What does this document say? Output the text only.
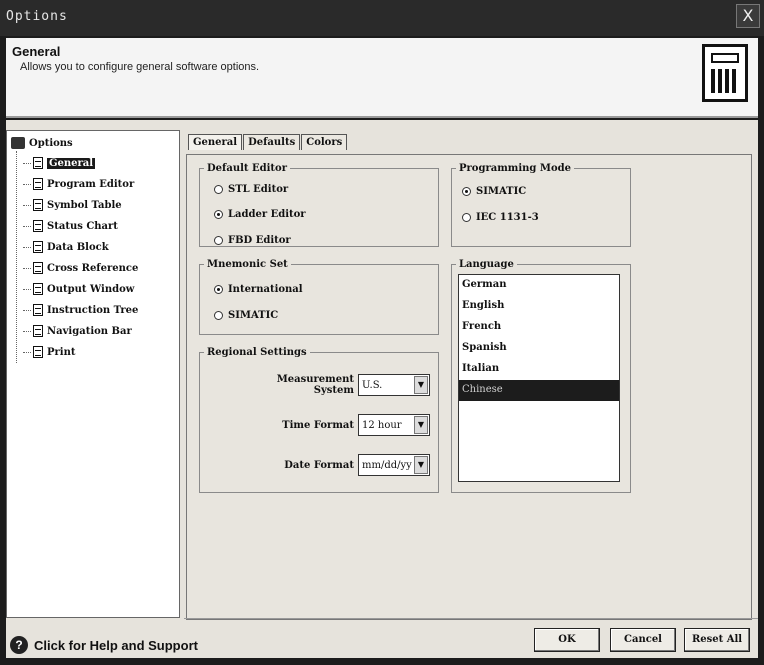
Options	X
General
Allows you to configure general software options.
Options
General
Program Editor
Symbol Table
Status Chart
Data Block
Cross Reference
Output Window
Instruction Tree
Navigation Bar
Print
General	Defaults	Colors
Default Editor
STL Editor
Ladder Editor
FBD Editor
Programming Mode
SIMATIC
IEC 1131-3
Mnemonic Set
International
SIMATIC
Regional Settings
Measurement System U.S.	▼
Time Format 12 hour	▼
Date Format mm/dd/yy ▼
Language
German
English
French
Spanish
Italian
Chinese
? Click for Help and Support	OK	Cancel	Reset All
